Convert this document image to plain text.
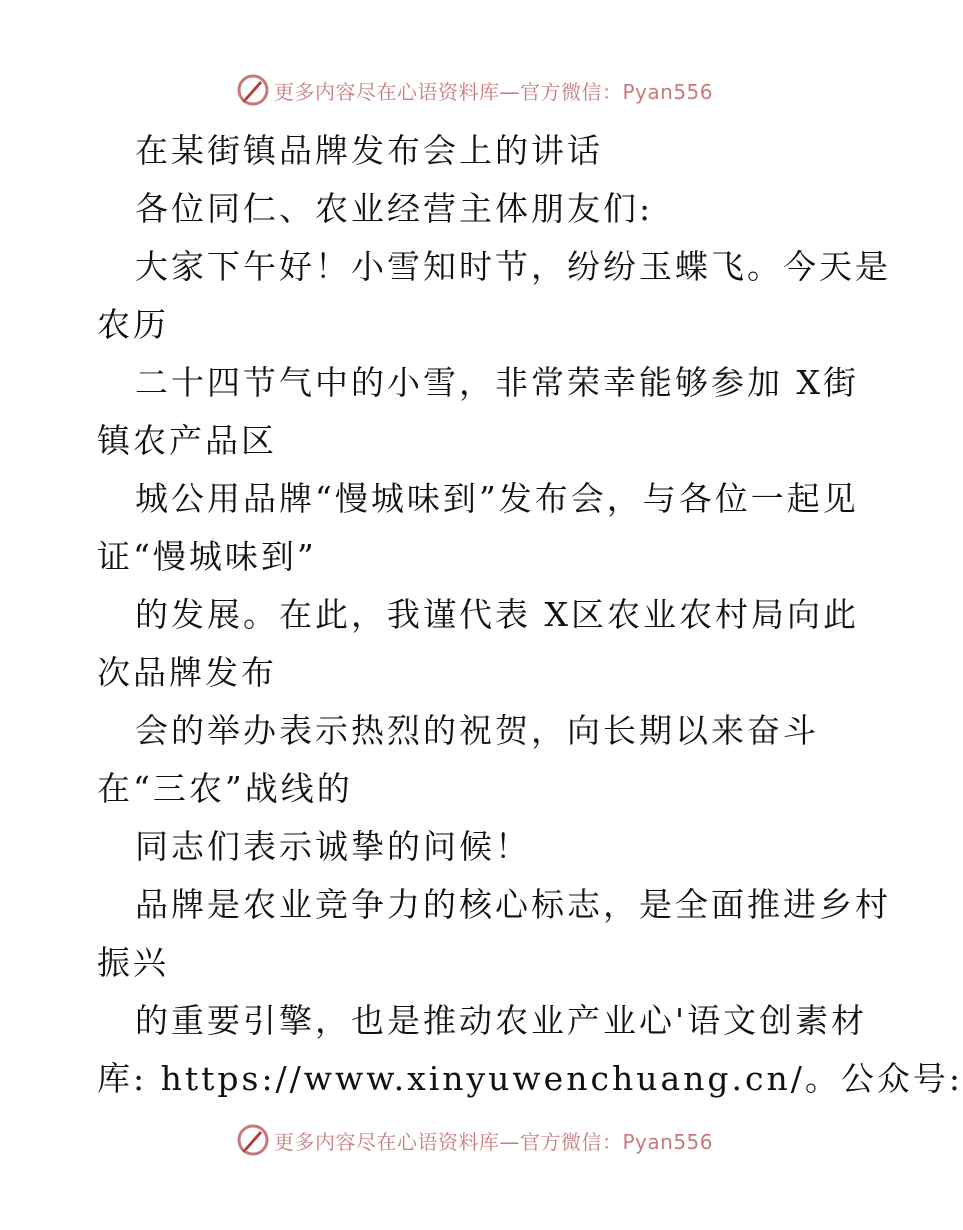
更多内容尽在心语资料库—官方微信：Pyan556
在某街镇品牌发布会上的讲话
各位同仁、农业经营主体朋友们:
大家下午好！小雪知时节，纷纷玉蝶飞。今天是
农历
二十四节气中的小雪，非常荣幸能够参加 X街
镇农产品区
城公用品牌“慢城味到”发布会，与各位一起见
证“慢城味到”
的发展。在此，我谨代表 X区农业农村局向此
次品牌发布
会的举办表示热烈的祝贺，向长期以来奋斗
在“三农”战线的
同志们表示诚挚的问候！
品牌是农业竞争力的核心标志，是全面推进乡村
振兴
的重要引擎，也是推动农业产业心'语文创素材
库: https://www.xinyuwenchuang.cn/。公众号:
更多内容尽在心语资料库—官方微信：Pyan556
